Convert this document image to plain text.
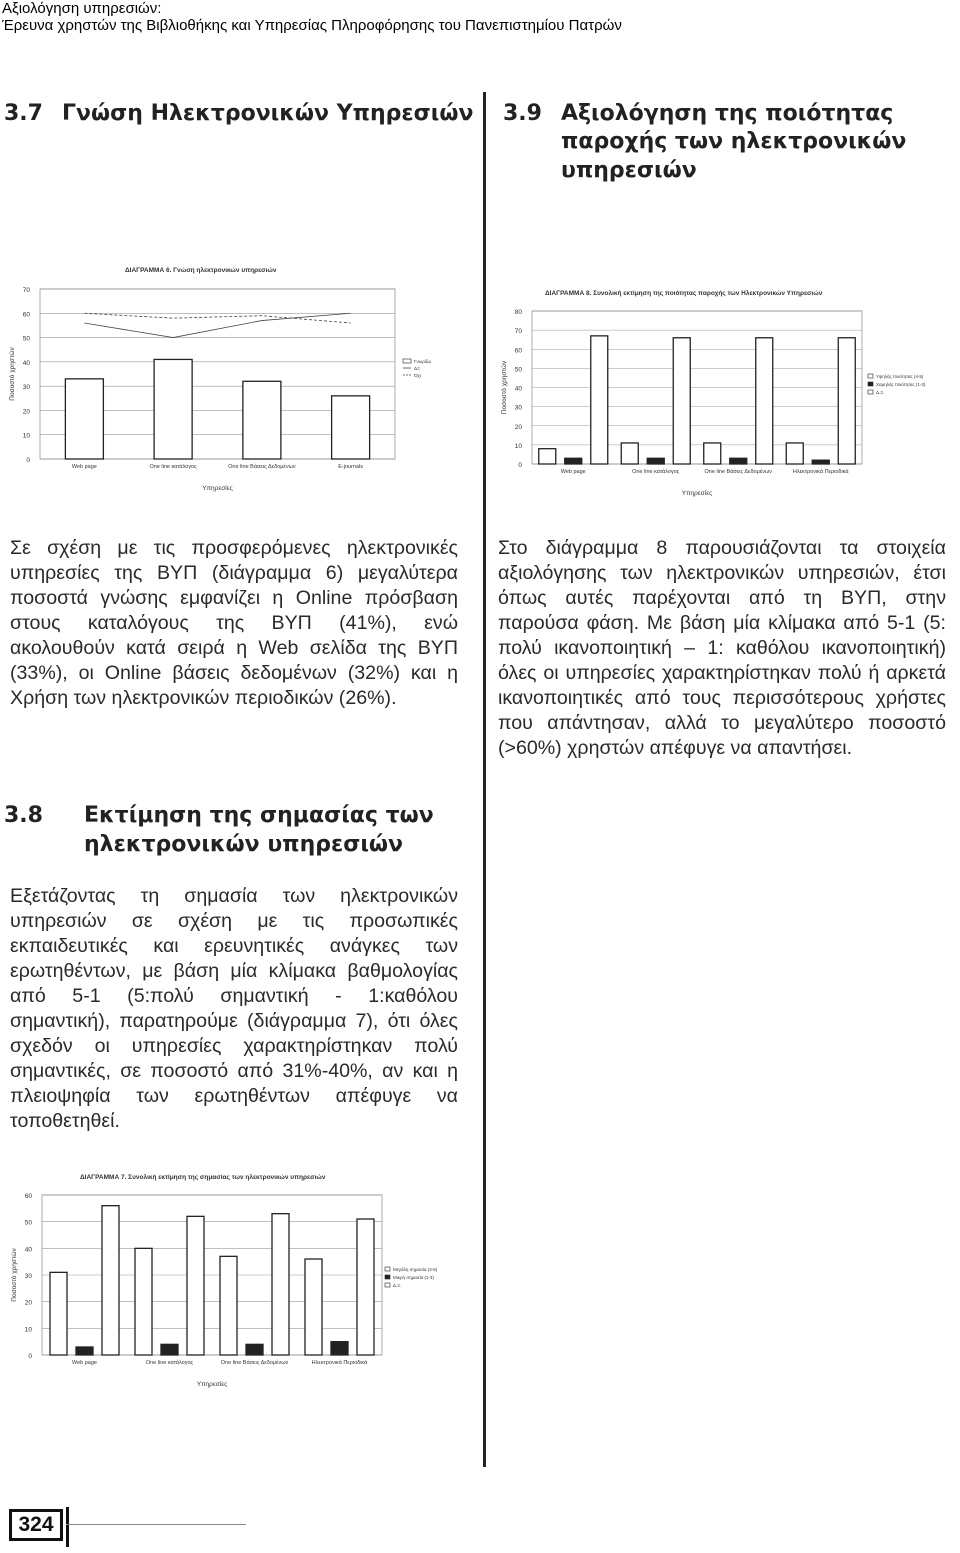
Αξιολόγηση υπηρεσιών:
Έρευνα χρηστών της Βιβλιοθήκης και Υπηρεσίας Πληροφόρησης του Πανεπιστημίου Πατρών
3.7 Γνώση Ηλεκτρονικών Υπηρεσιών 3.9 Αξιολόγηση της ποιότητας
παροχής των ηλεκτρονικών
υπηρεσιών
3.8 Εκτίμηση της σημασίας των
ηλεκτρονικών υπηρεσιών
Σε σχέση με τις προσφερόμενες ηλεκτρονικές υπηρεσίες της ΒΥΠ (διάγραμμα 6) μεγαλύτερα ποσοστά γνώσης εμφανίζει η Online πρόσβαση στους καταλόγους της ΒΥΠ (41%), ενώ ακολουθούν κατά σειρά η Web σελίδα της ΒΥΠ (33%), οι Online βάσεις δεδομένων (32%) και η Χρήση των ηλεκτρονικών περιοδικών (26%).
Στο διάγραμμα 8 παρουσιάζονται τα στοιχεία αξιολόγησης των ηλεκτρονικών υπηρεσιών, έτσι όπως αυτές παρέχονται από τη ΒΥΠ, στην παρούσα φάση. Με βάση μία κλίμακα από 5-1 (5: πολύ ικανοποιητική – 1: καθόλου ικανοποιητική) όλες οι υπηρεσίες χαρακτηρίστηκαν πολύ ή αρκετά ικανοποιητικές από τους περισσότερους χρήστες που απάντησαν, αλλά το μεγαλύτερο ποσοστό (>60%) χρηστών απέφυγε να απαντήσει.
Εξετάζοντας τη σημασία των ηλεκτρονικών υπηρεσιών σε σχέση με τις προσωπικές εκπαιδευτικές και ερευνητικές ανάγκες των ερωτηθέντων, με βάση μία κλίμακα βαθμολογίας από 5-1 (5:πολύ σημαντική - 1:καθόλου σημαντική), παρατηρούμε (διάγραμμα 7), ότι όλες σχεδόν οι υπηρεσίες χαρακτηρίστηκαν πολύ σημαντικές, σε ποσοστό από 31%-40%, αν και η πλειοψηφία των ερωτηθέντων απέφυγε να τοποθετηθεί.
ΔΙΑΓΡΑΜΜΑ 6. Γνώση ηλεκτρονικών υπηρεσιών
0
10
20
30
40
50
60
70
Ποσοστό χρηστών
Υπηρεσίες
Web page	One line κατάλογος	One line Βάσεις Δεδομένων	E-journals
Γνωρίζω
ΔΞ
Όχι
ΔΙΑΓΡΑΜΜΑ 8. Συνολική εκτίμηση της ποιότητας παροχής των Ηλεκτρονικών Υπηρεσιών
0
10
20
30
40
50
60
70
80
Ποσοστό χρηστών
Υπηρεσίες
Web page	One line κατάλογος	One line Βάσεις Δεδομένων	Ηλεκτρονικά Περιοδικά
Υψηλής ποιότητας (4-5)
Χαμηλής ποιότητας (1-3)
Δ.Ξ.
ΔΙΑΓΡΑΜΜΑ 7. Συνολική εκτίμηση της σημασίας των ηλεκτρονικών υπηρεσιών
0
10
20
30
40
50
60
Ποσοστό χρηστών
Υπηρεσίες
Web page	One line κατάλογος	One line Βάσεις Δεδομένων	Ηλεκτρονικά Περιοδικά
Μεγάλη σημασία (4-5)
Μικρή σημασία (1-3)
Δ.Ξ.
324
